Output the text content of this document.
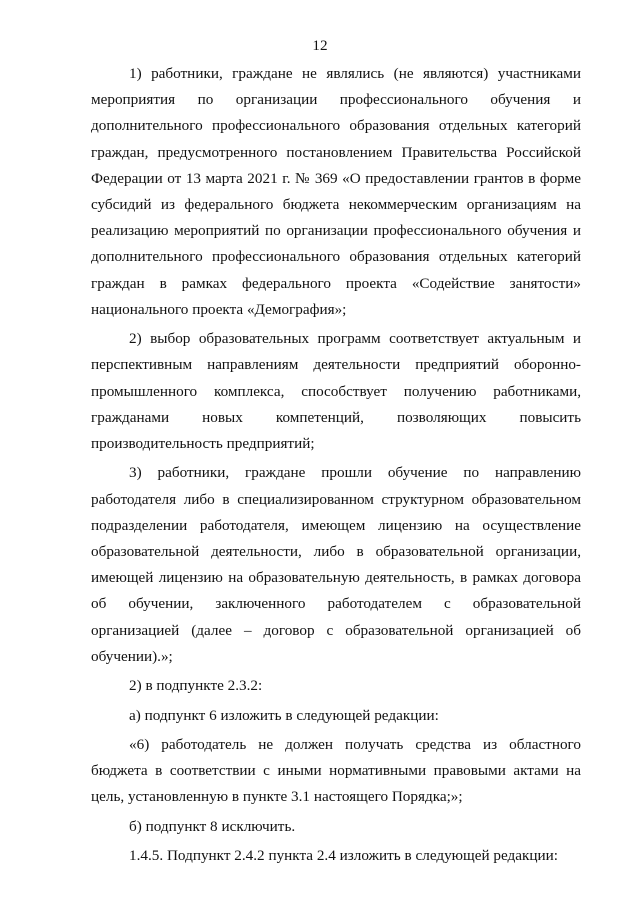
12

1) работники, граждане не являлись (не являются) участниками мероприятия по организации профессионального обучения и дополнительного профессионального образования отдельных категорий граждан, предусмотренного постановлением Правительства Российской Федерации от 13 марта 2021 г. № 369 «О предоставлении грантов в форме субсидий из федерального бюджета некоммерческим организациям на реализацию мероприятий по организации профессионального обучения и дополнительного профессионального образования отдельных категорий граждан в рамках федерального проекта «Содействие занятости» национального проекта «Демография»;

2) выбор образовательных программ соответствует актуальным и перспективным направлениям деятельности предприятий оборонно-промышленного комплекса, способствует получению работниками, гражданами новых компетенций, позволяющих повысить производительность предприятий;

3) работники, граждане прошли обучение по направлению работодателя либо в специализированном структурном образовательном подразделении работодателя, имеющем лицензию на осуществление образовательной деятельности, либо в образовательной организации, имеющей лицензию на образовательную деятельность, в рамках договора об обучении, заключенного работодателем с образовательной организацией (далее – договор с образовательной организацией об обучении).»;

2) в подпункте 2.3.2:

а) подпункт 6 изложить в следующей редакции:

«6) работодатель не должен получать средства из областного бюджета в соответствии с иными нормативными правовыми актами на цель, установленную в пункте 3.1 настоящего Порядка;»;

б) подпункт 8 исключить.

1.4.5. Подпункт 2.4.2 пункта 2.4 изложить в следующей редакции:
